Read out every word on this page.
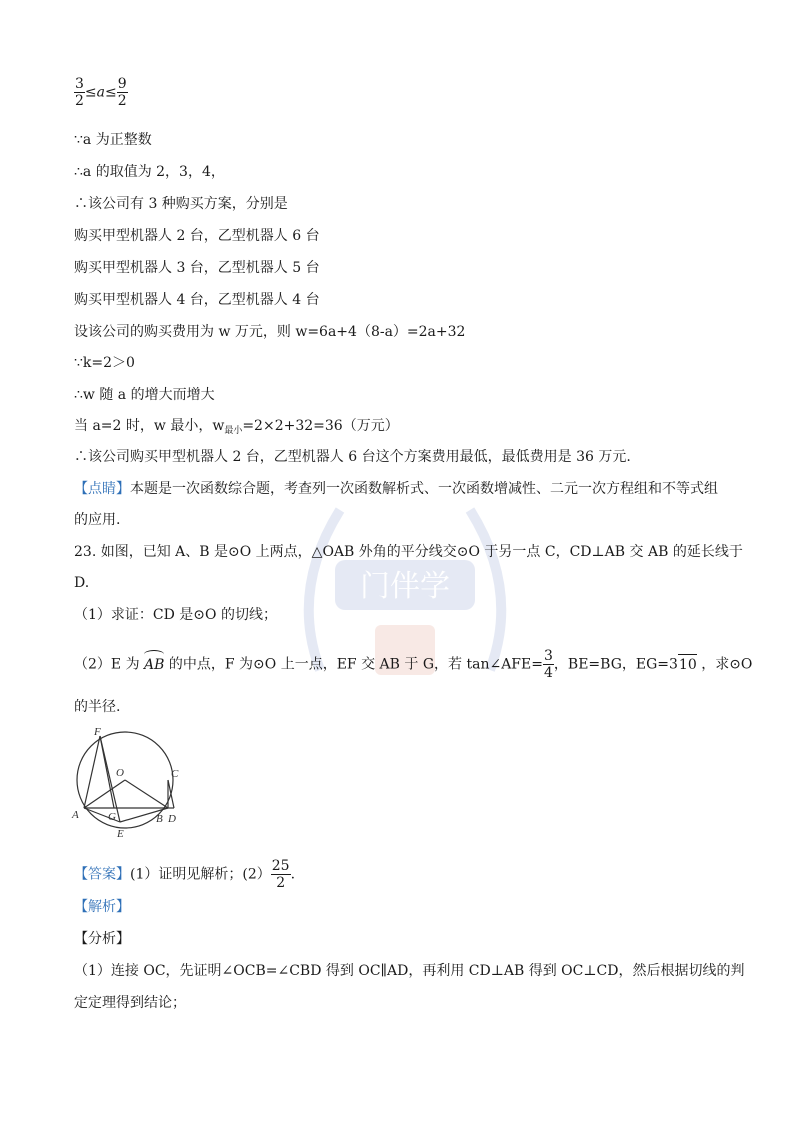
门伴学
$\frac{3}{2} \le a\le \frac{9}{2}$
∵a 为正整数
∴a 的取值为 2，3，4，
∴该公司有 3 种购买方案，分别是
购买甲型机器人 2 台，乙型机器人 6 台
购买甲型机器人 3 台，乙型机器人 5 台
购买甲型机器人 4 台，乙型机器人 4 台
设该公司的购买费用为 w 万元，则 w=6a+4（8-a）=2a+32
∵k=2＞0
∴w 随 a 的增大而增大
当 a=2 时，w 最小，$w_{最小}=2\times 2+32=36$（万元）
∴该公司购买甲型机器人 2 台，乙型机器人 6 台这个方案费用最低，最低费用是 36 万元.
【点睛】本题是一次函数综合题，考查列一次函数解析式、一次函数增减性、二元一次方程组和不等式组
的应用.
23. 如图，已知 A、B 是⊙O 上两点，△OAB 外角的平分线交⊙O 于另一点 C，CD⊥AB 交 AB 的延长线于
D.
（1）求证：CD 是⊙O 的切线；
（2）E 为 AB 的中点，F 为⊙O 上一点，EF 交 AB 于 G，若 tan∠AFE= $\frac{3}{4}$ ，BE=BG，EG=310 ，求⊙O
的半径.
F
O	C
A	G	B D
E
【答案】(1）证明见解析；$(2) \frac{25}{2}$ .
【解析】
【分析】
（1）连接 OC，先证明∠OCB=∠CBD 得到 OC∥AD，再利用 CD⊥AB 得到 OC⊥CD，然后根据切线的判
定定理得到结论；
